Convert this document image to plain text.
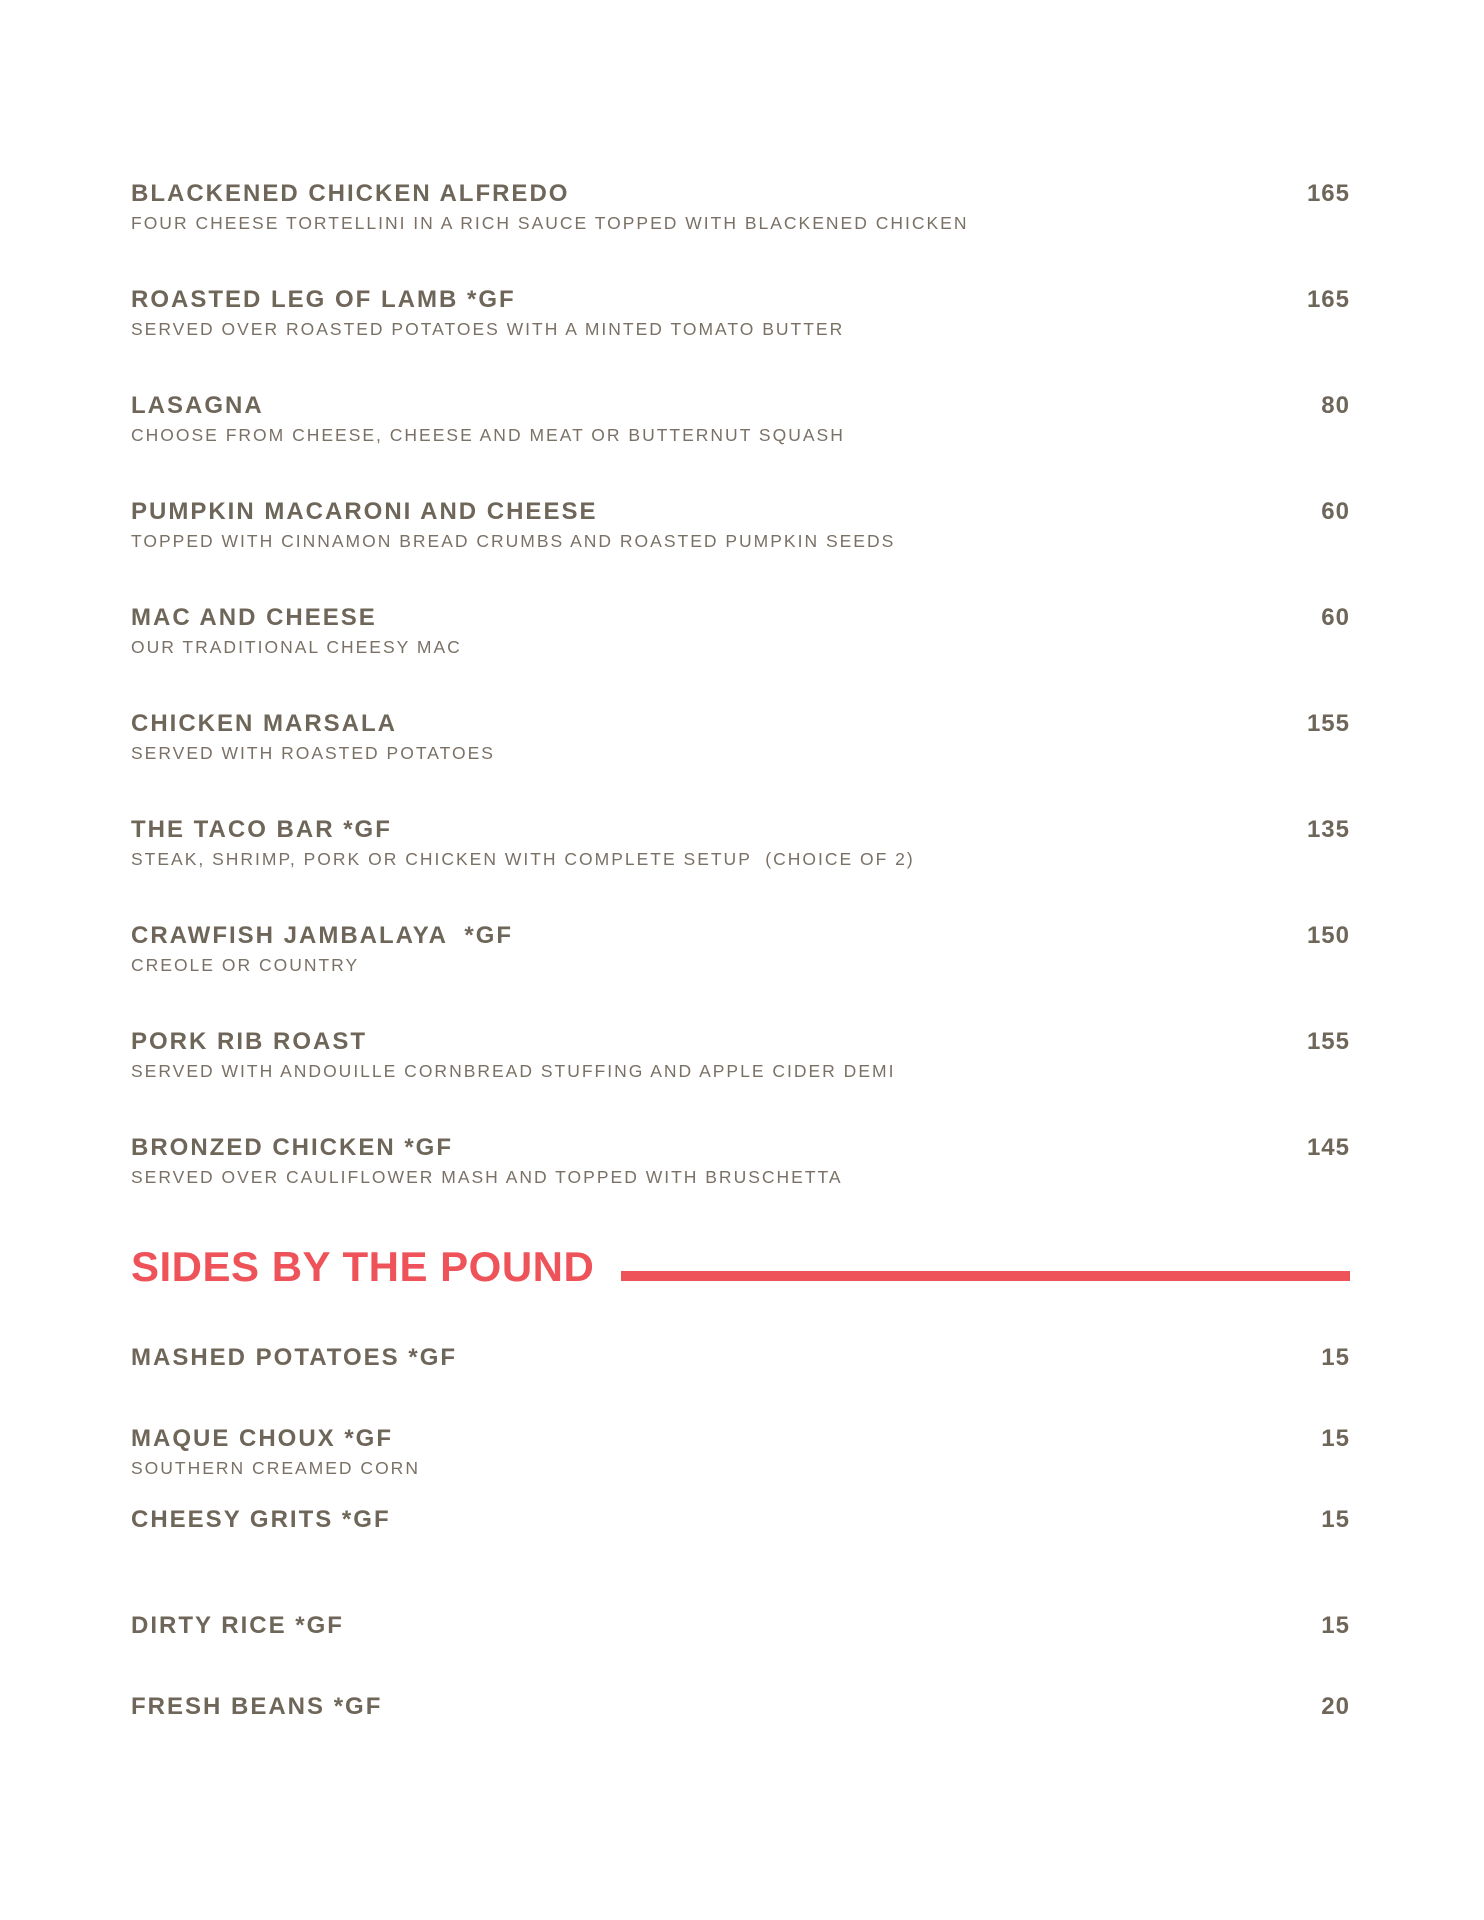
BLACKENED CHICKEN ALFREDO
FOUR CHEESE TORTELLINI IN A RICH SAUCE TOPPED WITH BLACKENED CHICKEN
165
ROASTED LEG OF LAMB *GF
SERVED OVER ROASTED POTATOES WITH A MINTED TOMATO BUTTER
165
LASAGNA
CHOOSE FROM CHEESE, CHEESE AND MEAT OR BUTTERNUT SQUASH
80
PUMPKIN MACARONI AND CHEESE
TOPPED WITH CINNAMON BREAD CRUMBS AND ROASTED PUMPKIN SEEDS
60
MAC AND CHEESE
OUR TRADITIONAL CHEESY MAC
60
CHICKEN MARSALA
SERVED WITH ROASTED POTATOES
155
THE TACO BAR *GF
STEAK, SHRIMP, PORK OR CHICKEN WITH COMPLETE SETUP  (CHOICE OF 2)
135
CRAWFISH JAMBALAYA  *GF
CREOLE OR COUNTRY
150
PORK RIB ROAST
SERVED WITH ANDOUILLE CORNBREAD STUFFING AND APPLE CIDER DEMI
155
BRONZED CHICKEN *GF
SERVED OVER CAULIFLOWER MASH AND TOPPED WITH BRUSCHETTA
145
SIDES BY THE POUND
MASHED POTATOES *GF	15
MAQUE CHOUX *GF
SOUTHERN CREAMED CORN
15
CHEESY GRITS *GF	15
DIRTY RICE *GF	15
FRESH BEANS *GF	20
